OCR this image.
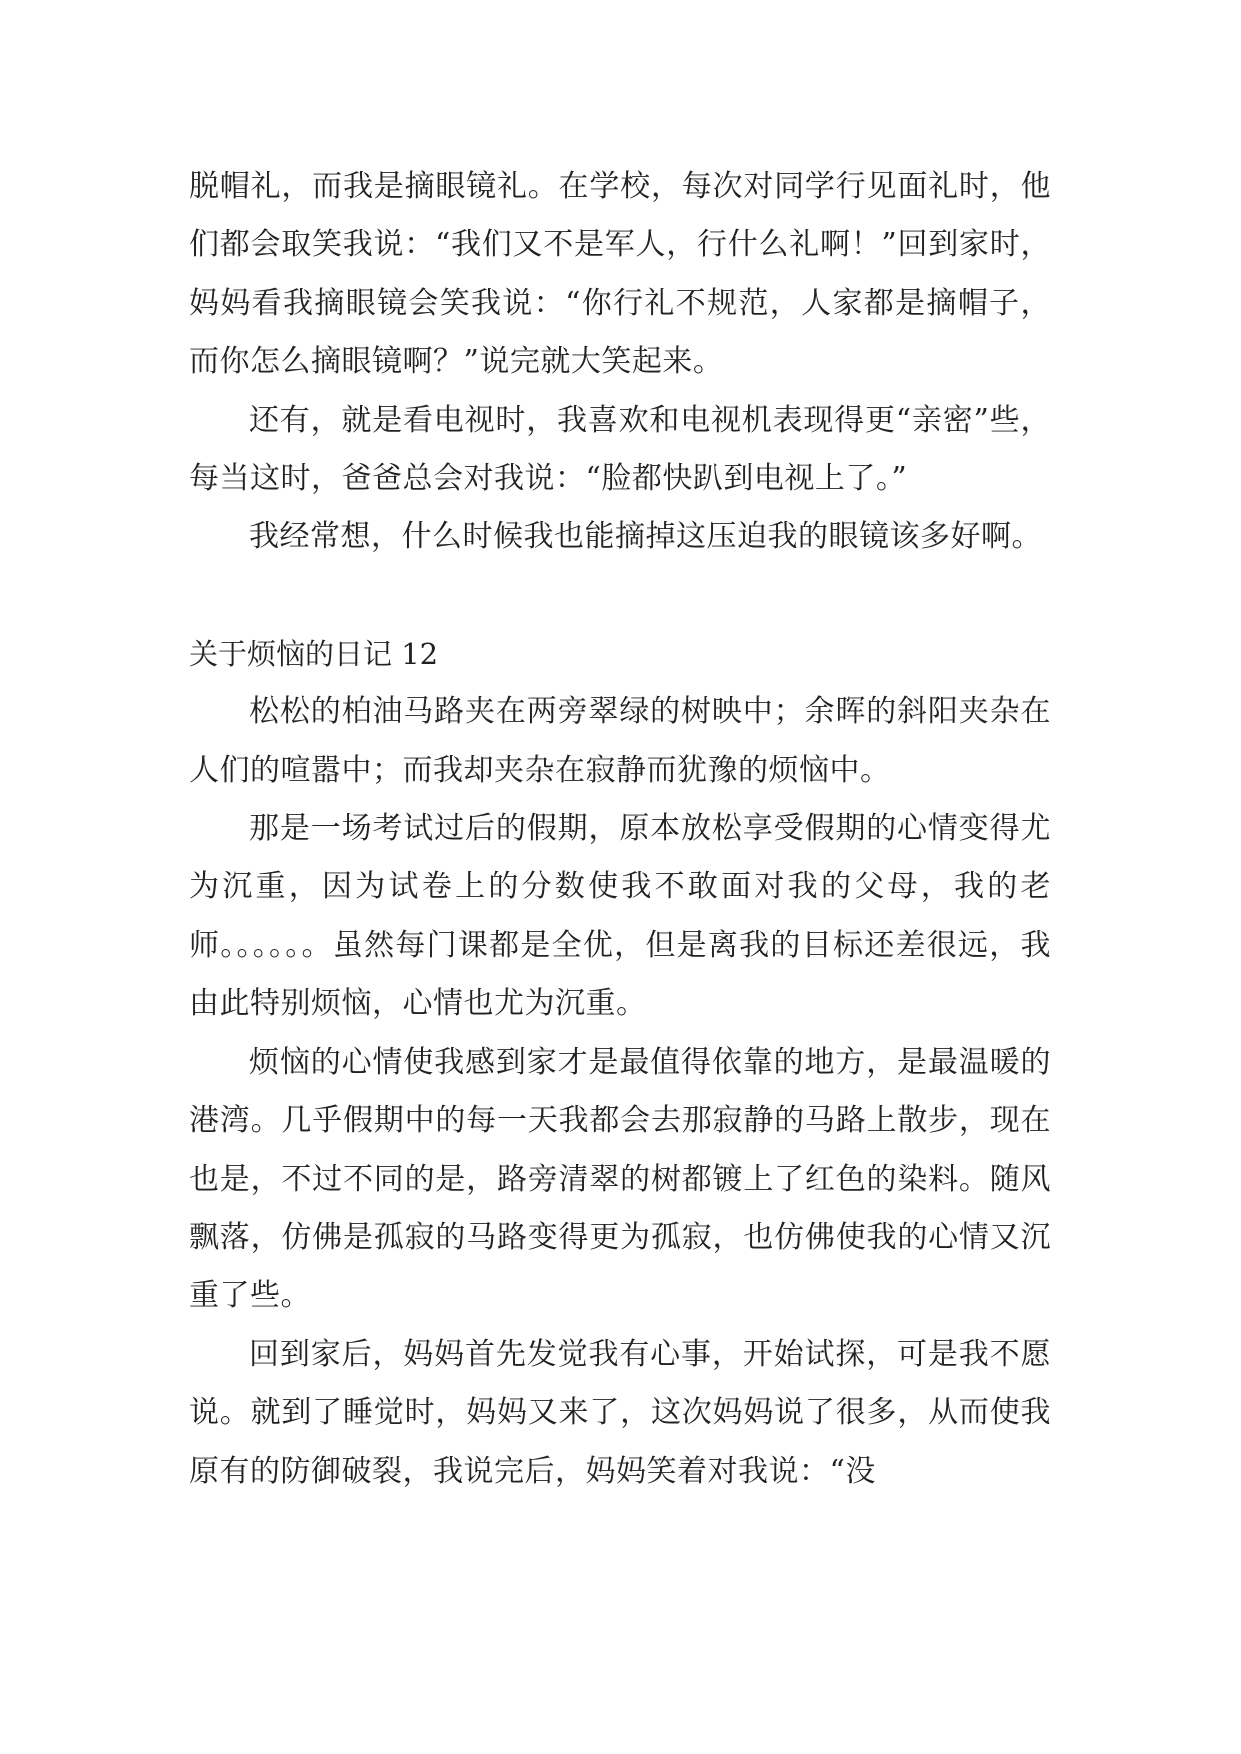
脱帽礼，而我是摘眼镜礼。在学校，每次对同学行见面礼时，他们都会取笑我说：“我们又不是军人，行什么礼啊！”回到家时，妈妈看我摘眼镜会笑我说：“你行礼不规范，人家都是摘帽子，而你怎么摘眼镜啊？”说完就大笑起来。

还有，就是看电视时，我喜欢和电视机表现得更“亲密”些，每当这时，爸爸总会对我说：“脸都快趴到电视上了。”

我经常想，什么时候我也能摘掉这压迫我的眼镜该多好啊。

关于烦恼的日记 12

松松的柏油马路夹在两旁翠绿的树映中；余晖的斜阳夹杂在人们的喧嚣中；而我却夹杂在寂静而犹豫的烦恼中。

那是一场考试过后的假期，原本放松享受假期的心情变得尤为沉重，因为试卷上的分数使我不敢面对我的父母，我的老师。。。。。。虽然每门课都是全优，但是离我的目标还差很远，我由此特别烦恼，心情也尤为沉重。

烦恼的心情使我感到家才是最值得依靠的地方，是最温暖的港湾。几乎假期中的每一天我都会去那寂静的马路上散步，现在也是，不过不同的是，路旁清翠的树都镀上了红色的染料。随风飘落，仿佛是孤寂的马路变得更为孤寂，也仿佛使我的心情又沉重了些。

回到家后，妈妈首先发觉我有心事，开始试探，可是我不愿说。就到了睡觉时，妈妈又来了，这次妈妈说了很多，从而使我原有的防御破裂，我说完后，妈妈笑着对我说：“没
